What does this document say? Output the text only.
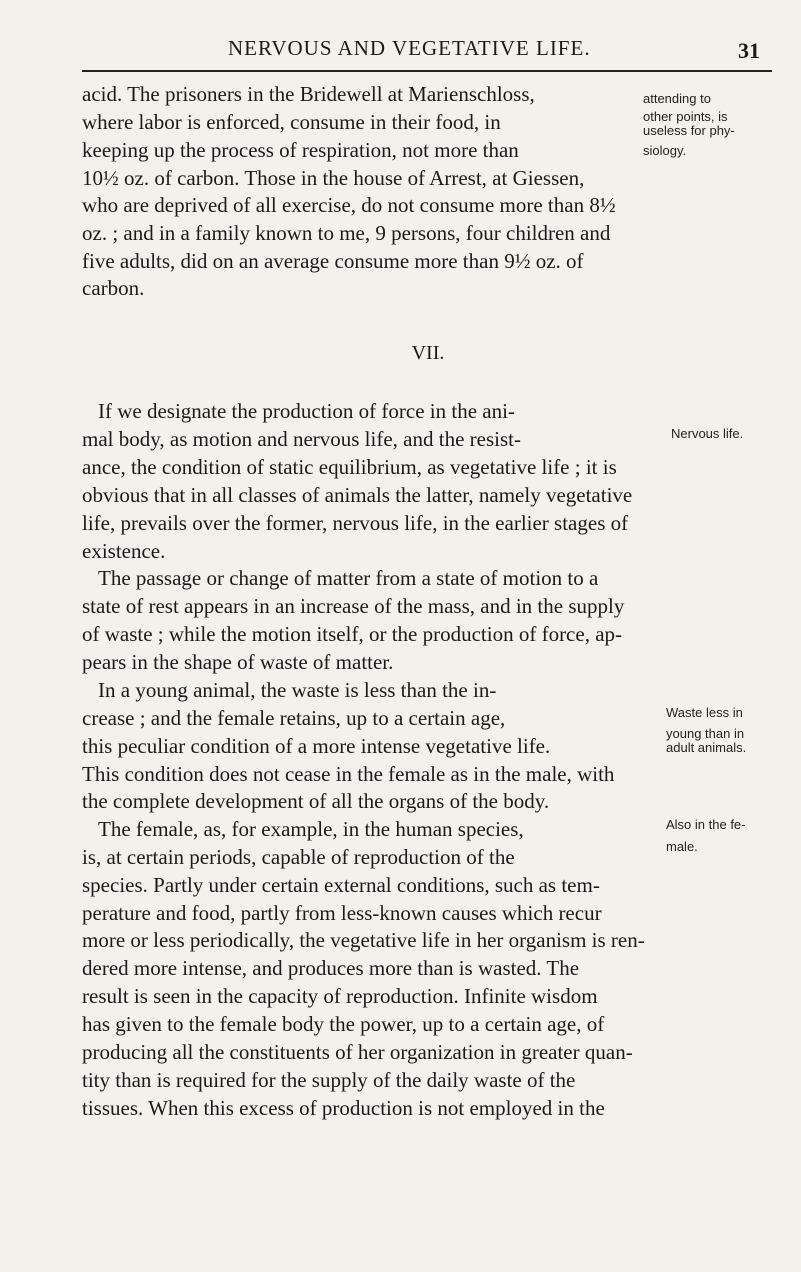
NERVOUS AND VEGETATIVE LIFE.	31
acid. The prisoners in the Bridewell at Marienschloss,
where labor is enforced, consume in their food, in
keeping up the process of respiration, not more than
10½ oz. of carbon. Those in the house of Arrest, at Giessen,
who are deprived of all exercise, do not consume more than 8½
oz. ; and in a family known to me, 9 persons, four children and
five adults, did on an average consume more than 9½ oz. of
carbon.
VII.
If we designate the production of force in the ani-
mal body, as motion and nervous life, and the resist-
ance, the condition of static equilibrium, as vegetative life ; it is
obvious that in all classes of animals the latter, namely vegetative
life, prevails over the former, nervous life, in the earlier stages of
existence.
The passage or change of matter from a state of motion to a
state of rest appears in an increase of the mass, and in the supply
of waste ; while the motion itself, or the production of force, ap-
pears in the shape of waste of matter.
In a young animal, the waste is less than the in-
crease ; and the female retains, up to a certain age,
this peculiar condition of a more intense vegetative life.
This condition does not cease in the female as in the male, with
the complete development of all the organs of the body.
The female, as, for example, in the human species,
is, at certain periods, capable of reproduction of the
species. Partly under certain external conditions, such as tem-
perature and food, partly from less-known causes which recur
more or less periodically, the vegetative life in her organism is ren-
dered more intense, and produces more than is wasted. The
result is seen in the capacity of reproduction. Infinite wisdom
has given to the female body the power, up to a certain age, of
producing all the constituents of her organization in greater quan-
tity than is required for the supply of the daily waste of the
tissues. When this excess of production is not employed in the
attending to
other points, is
useless for phy-
siology.
Nervous life.
Waste less in
young than in
adult animals.
Also in the fe-
male.
